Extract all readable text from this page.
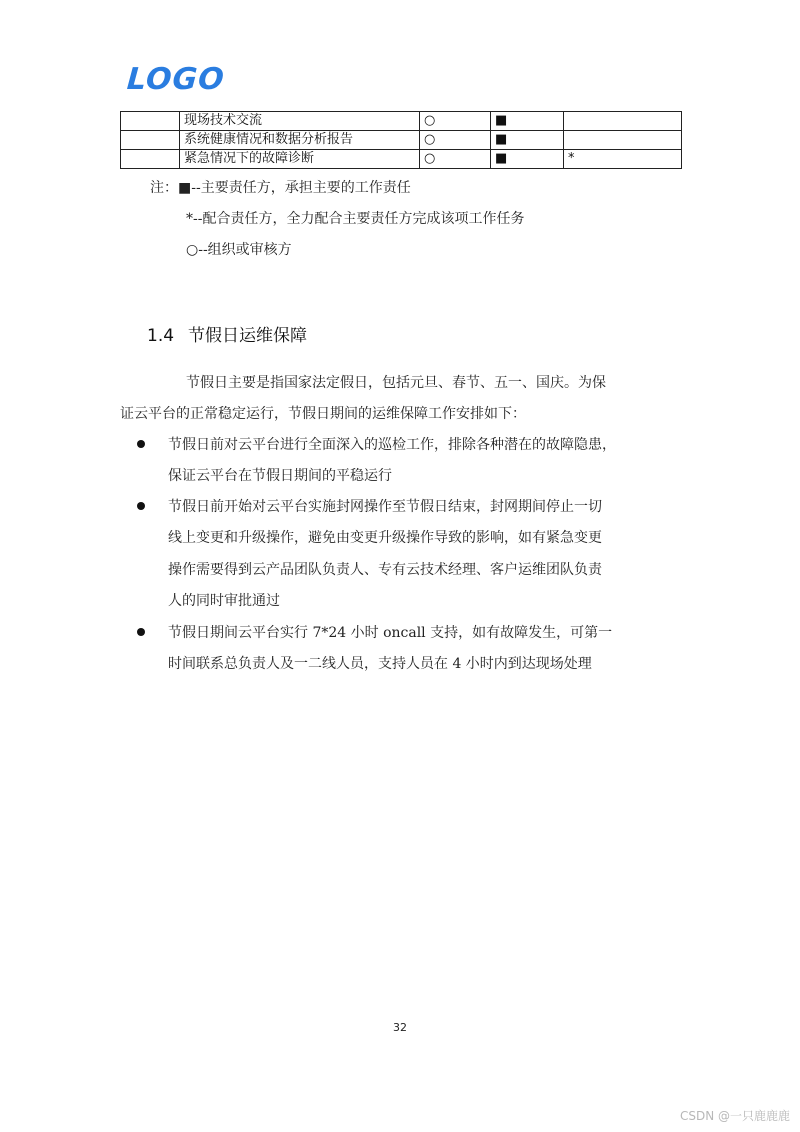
LOGO
	现场技术交流	○	■	
	系统健康情况和数据分析报告	○	■	
	紧急情况下的故障诊断	○	■	*
注：■--主要责任方，承担主要的工作责任
*--配合责任方，全力配合主要责任方完成该项工作任务
○--组织或审核方
1.4 节假日运维保障
节假日主要是指国家法定假日，包括元旦、春节、五一、国庆。为保
证云平台的正常稳定运行，节假日期间的运维保障工作安排如下：
节假日前对云平台进行全面深入的巡检工作，排除各种潜在的故障隐患，
保证云平台在节假日期间的平稳运行
节假日前开始对云平台实施封网操作至节假日结束，封网期间停止一切
线上变更和升级操作，避免由变更升级操作导致的影响，如有紧急变更
操作需要得到云产品团队负责人、专有云技术经理、客户运维团队负责
人的同时审批通过
节假日期间云平台实行 7*24 小时 oncall 支持，如有故障发生，可第一
时间联系总负责人及一二线人员，支持人员在 4 小时内到达现场处理
32
CSDN @一只鹿鹿鹿
